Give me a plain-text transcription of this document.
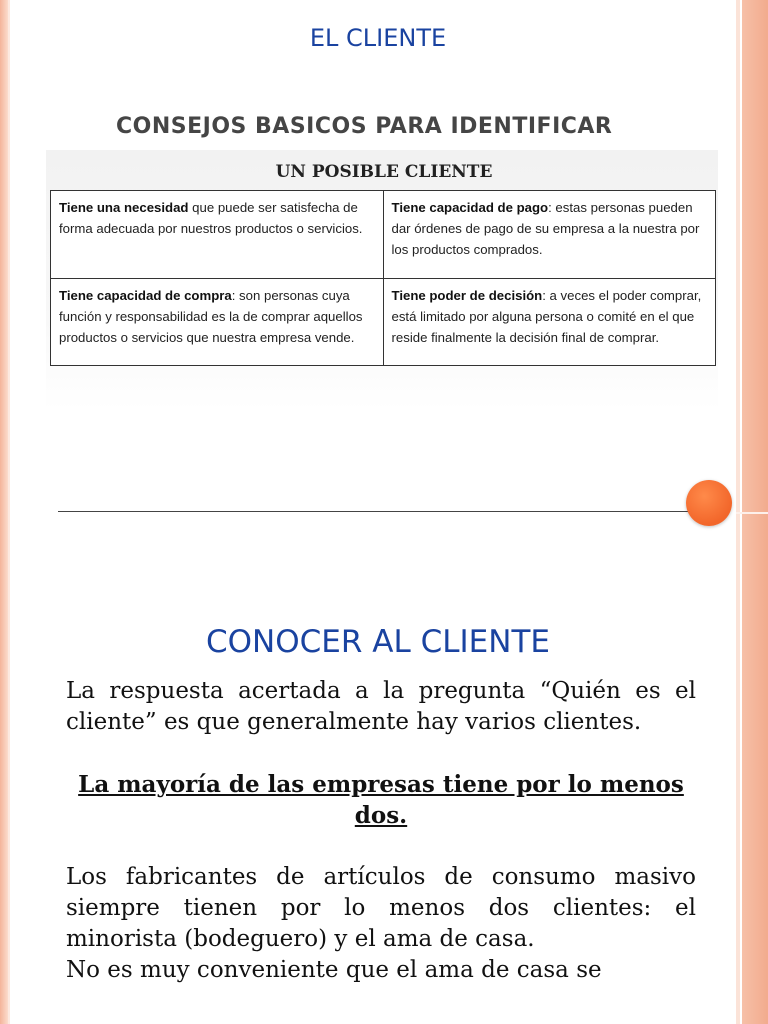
EL CLIENTE
CONSEJOS BASICOS PARA IDENTIFICAR
UN POSIBLE CLIENTE
Tiene una necesidad que puede ser satisfecha de forma adecuada por nuestros productos o servicios.	Tiene capacidad de pago: estas personas pueden dar órdenes de pago de su empresa a la nuestra por los productos comprados.
Tiene capacidad de compra: son personas cuya función y responsabilidad es la de comprar aquellos productos o servicios que nuestra empresa vende.	Tiene poder de decisión: a veces el poder comprar, está limitado por alguna persona o comité en el que reside finalmente la decisión final de comprar.
CONOCER AL CLIENTE

La respuesta acertada a la pregunta “Quién es el cliente” es que generalmente hay varios clientes.

La mayoría de las empresas tiene por lo menos dos.

Los fabricantes de artículos de consumo masivo siempre tienen por lo menos dos clientes: el minorista (bodeguero) y el ama de casa.

No es muy conveniente que el ama de casa se
